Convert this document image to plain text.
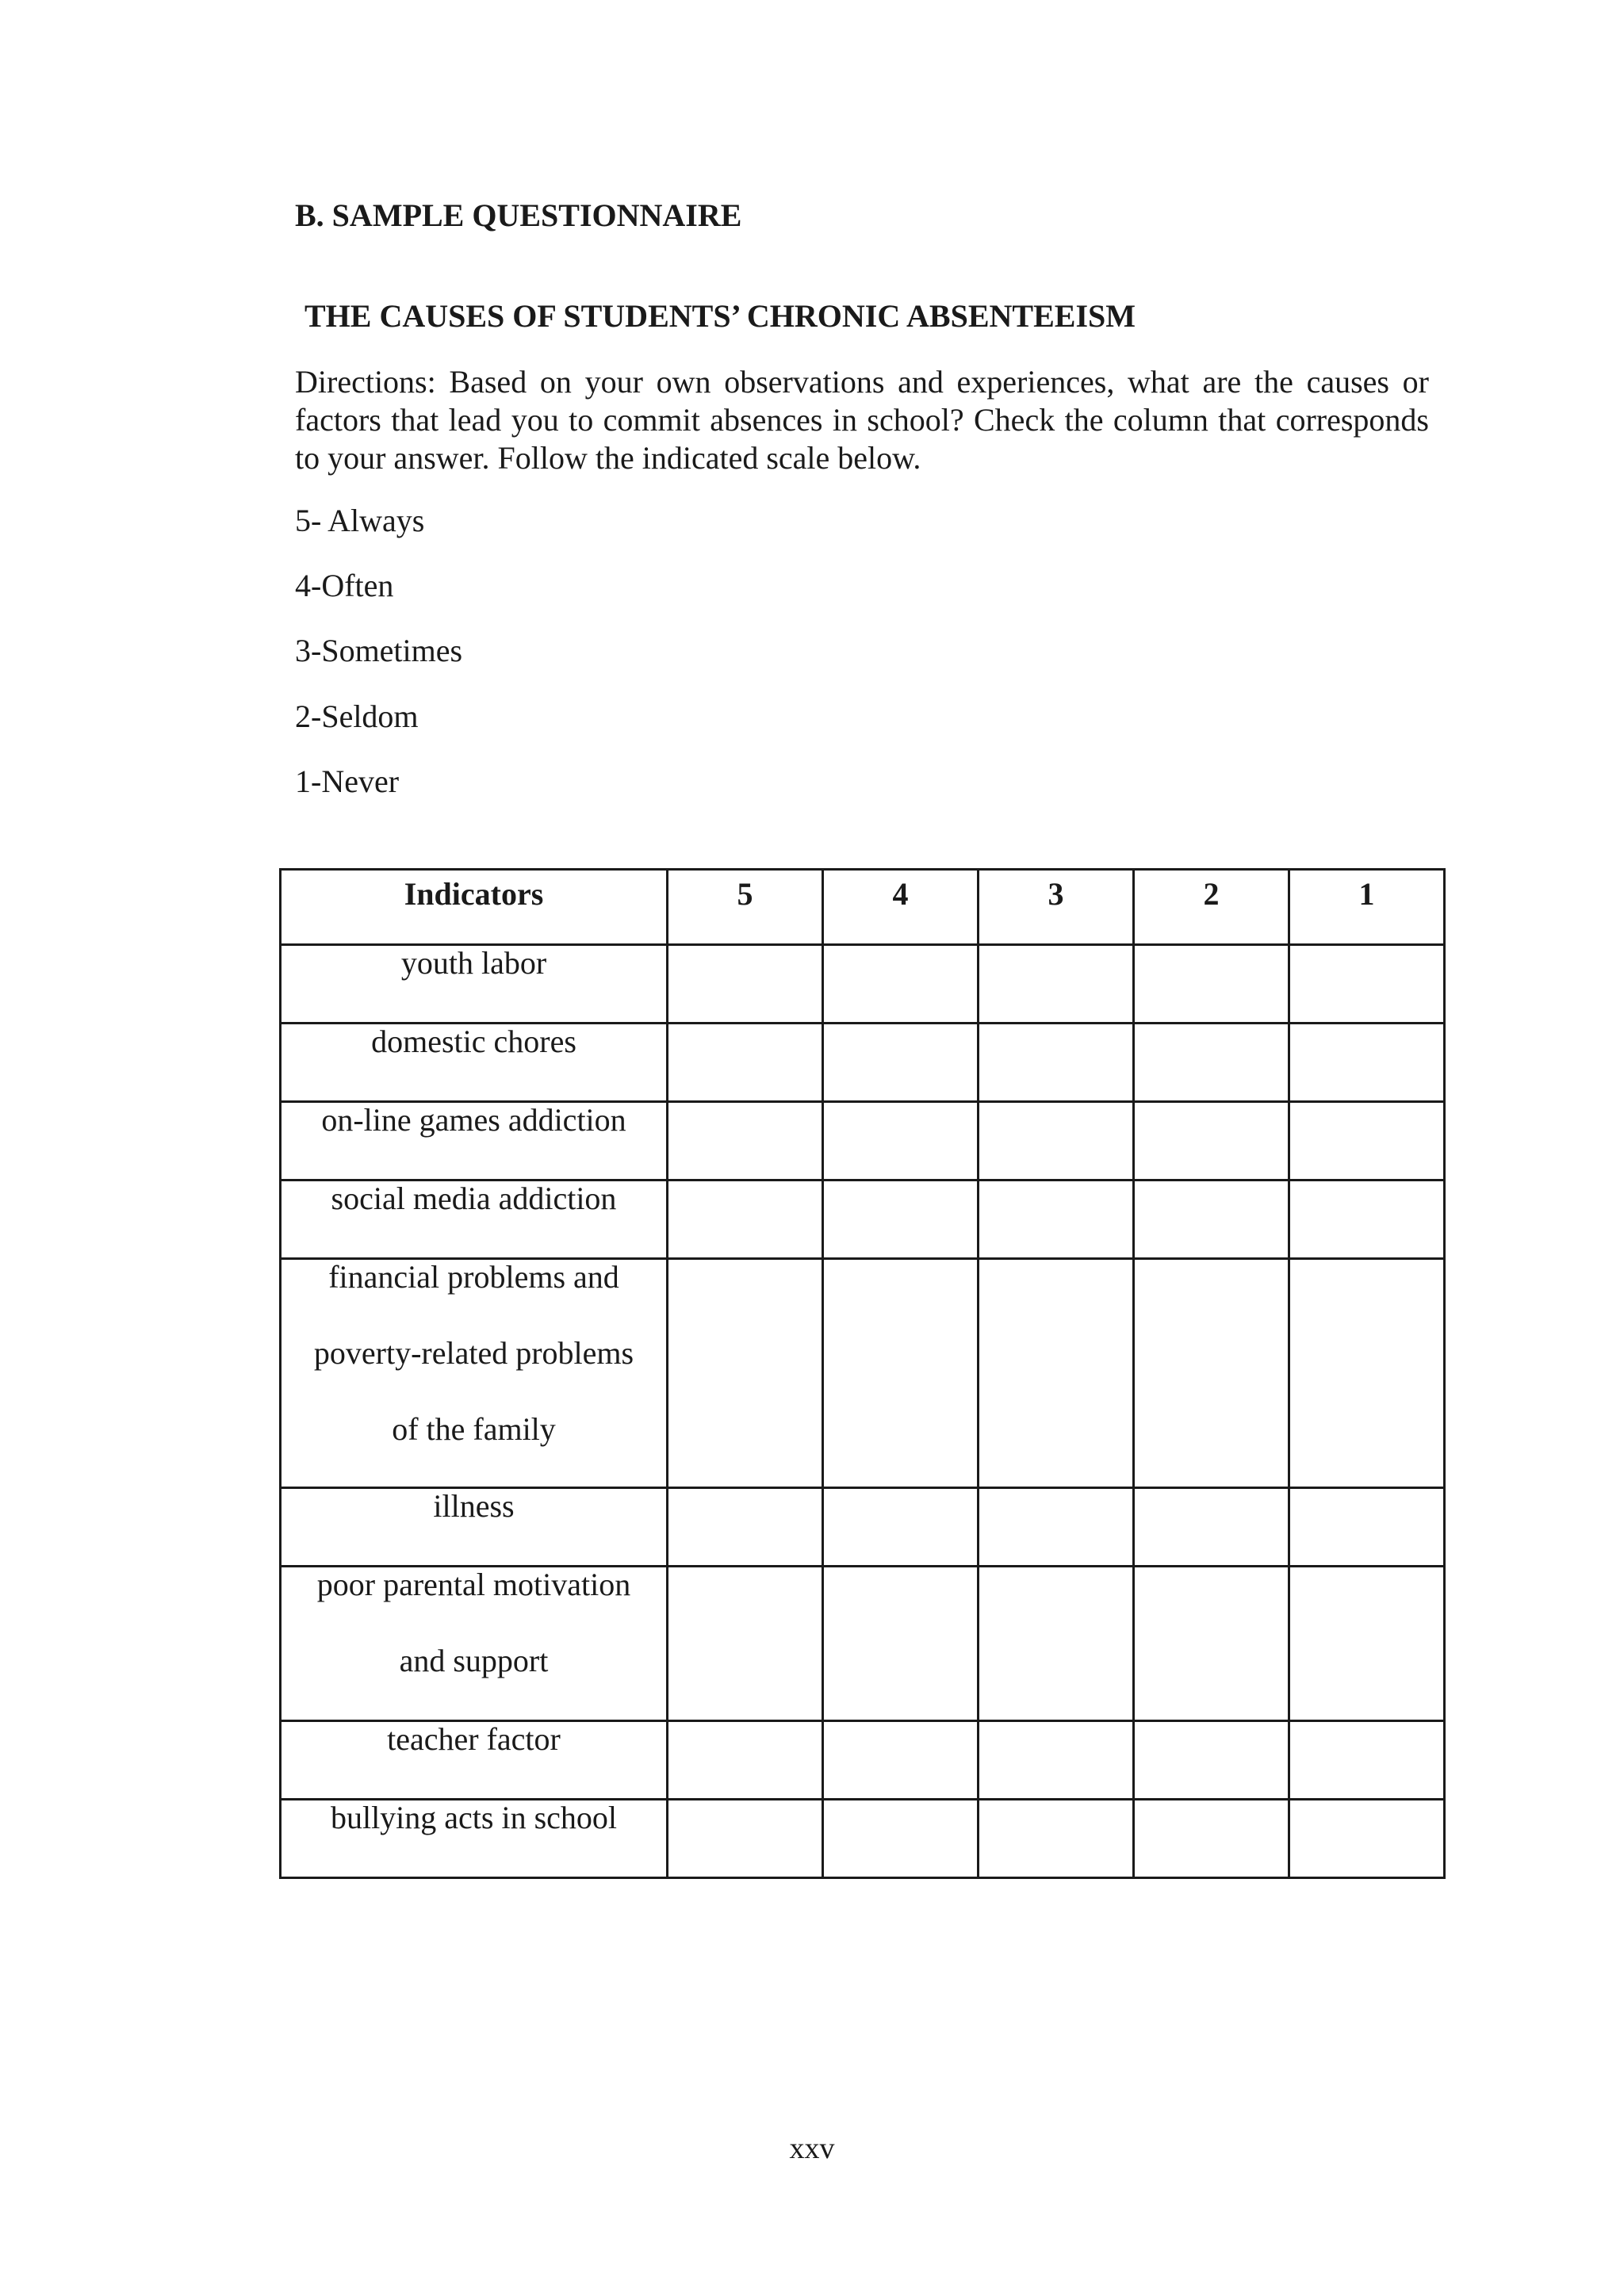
B. SAMPLE QUESTIONNAIRE
THE CAUSES OF STUDENTS’ CHRONIC ABSENTEEISM

Directions: Based on your own observations and experiences, what are the causes or factors that lead you to commit absences in school? Check the column that corresponds to your answer. Follow the indicated scale below.

5- Always

4-Often

3-Sometimes

2-Seldom

1-Never

Indicators	5	4	3	2	1

youth labor					

domestic chores					

on-line games addiction					

social media addiction					

financial problems and
poverty-related problems
of the family					

illness					

poor parental motivation
and support					

teacher factor					

bullying acts in school					

xxv
